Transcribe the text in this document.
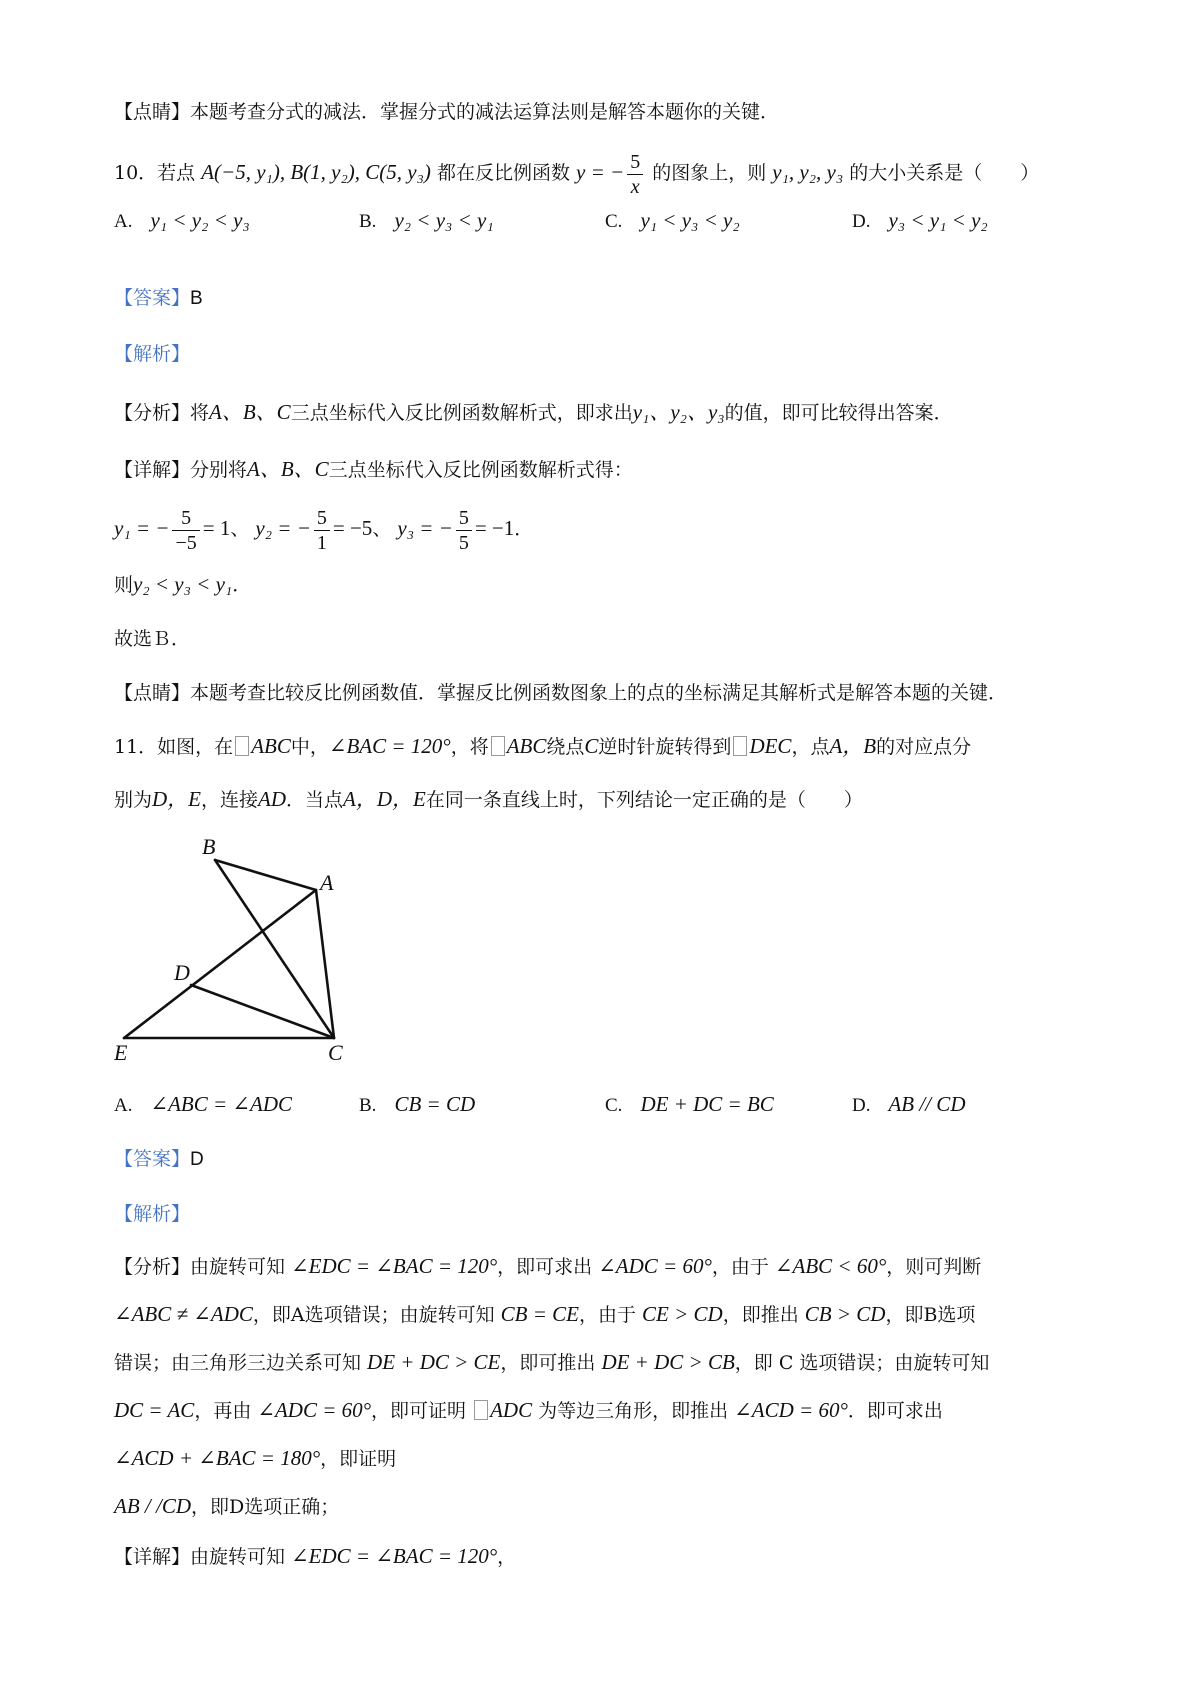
【点睛】本题考查分式的减法．掌握分式的减法运算法则是解答本题你的关键．
10．若点 A(−5, y₁), B(1, y₂), C(5, y₃) 都在反比例函数 y = − $\frac{5}{x}$ 的图象上，则 y₁, y₂, y₃ 的大小关系是（　　）
A. y₁ < y₂ < y₃	B. y₂ < y₃ < y₁	C. y₁ < y₃ < y₂	D. y₃ < y₁ < y₂
【答案】B
【解析】
【分析】将A、B、C三点坐标代入反比例函数解析式，即求出y₁、y₂、y₃的值，即可比较得出答案．
【详解】分别将A、B、C三点坐标代入反比例函数解析式得：
y₁ = − $\frac{5}{-5} = 1$、 y₂ = − $\frac{5}{1} = -5$、 y₃ = − $\frac{5}{5} = -1$．
则y₂ < y₃ < y₁．
故选Ｂ．
【点睛】本题考查比较反比例函数值．掌握反比例函数图象上的点的坐标满足其解析式是解答本题的关键．
11．如图，在 ABC中，∠BAC = 120°，将 ABC绕点C逆时针旋转得到 DEC，点A，B的对应点分
别为D，E，连接AD．当点A，D，E在同一条直线上时，下列结论一定正确的是（　　）
B
A
D
E	C
A. ∠ABC = ∠ADC	B. CB = CD	C. DE + DC = BC	D. AB // CD
【答案】D
【解析】
【分析】由旋转可知 ∠EDC = ∠BAC = 120°，即可求出 ∠ADC = 60°，由于 ∠ABC < 60°，则可判断
∠ABC ≠ ∠ADC，即A选项错误；由旋转可知 CB = CE，由于 CE > CD，即推出 CB > CD，即B选项
错误；由三角形三边关系可知 DE + DC > CE，即可推出 DE + DC > CB，即 C 选项错误；由旋转可知
DC = AC，再由 ∠ADC = 60°，即可证明 ADC 为等边三角形，即推出 ∠ACD = 60°．即可求出
∠ACD + ∠BAC = 180°，即证明
AB / /CD，即D选项正确；
【详解】由旋转可知 ∠EDC = ∠BAC = 120°，
